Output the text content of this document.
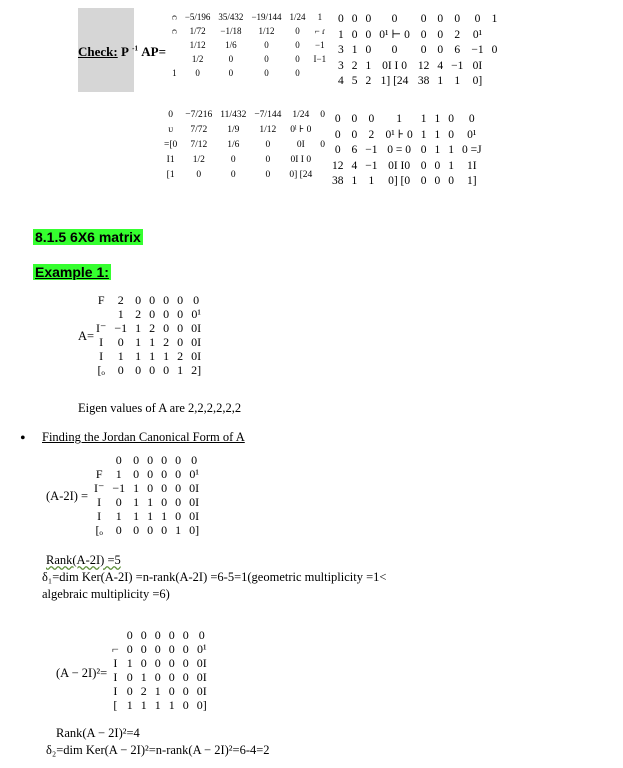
Check: P $^{-1}$ AP=
ᴒ	−5/196	35/432	−19/144	1/24	1
ᴒ	1/72	−1/18	1/12	0	⌐ ɾ
	1/12	1/6	0	0	−1
	1/2	0	0	0	I−1
1	0	0	0	0	
0	0	0	0	0	0	0	0	1
1	0	0	0¹ ⊢ 0	0	0	2	0¹	
3	1	0	0	0	0	6	−1	0
3	2	1	0I I 0	12	4	−1	0I	
4	5	2	1] [24	38	1	1	0]	
0	−7/216	11/432	−7/144	1/24	0
ᴜ	7/72	1/9	1/12	0ˡ ⊦ 0	
=[0	7/12	1/6	0	0I	0
I1	1/2	0	0	0I I 0	
[1	0	0	0	0] [24	
0	0	0	1	1	1	0	0
0	0	2	0¹ ⊦ 0	1	1	0	0¹
0	6	−1	0 = 0	0	1	1	0 =J
12	4	−1	0I I0	0	0	1	1I
38	1	1	0] [0	0	0	0	1]
8.1.5 6X6 matrix
Example 1:
A=
F	2	0	0	0	0	0
	1	2	0	0	0	0¹
I⁻	−1	1	2	0	0	0I
I	0	1	1	2	0	0I
I	1	1	1	1	2	0I
[ₒ	0	0	0	0	1	2]
Eigen values of A are 2,2,2,2,2,2
• Finding the Jordan Canonical Form of A
(A-2I) =
	0	0	0	0	0	0
F	1	0	0	0	0	0¹
I⁻	−1	1	0	0	0	0I
I	0	1	1	0	0	0I
I	1	1	1	1	0	0I
[ₒ	0	0	0	0	1	0]
Rank(A-2I) =5
δ₁=dim Ker(A-2I) =n-rank(A-2I) =6-5=1(geometric multiplicity =1<
algebraic multiplicity =6)
(A − 2I)²=
	0	0	0	0	0	0
⌐	0	0	0	0	0	0¹
I	1	0	0	0	0	0I
I	0	1	0	0	0	0I
I	0	2	1	0	0	0I
[	1	1	1	1	0	0]
Rank(A − 2I)²=4
δ₂=dim Ker(A − 2I)²=n-rank(A − 2I)²=6-4=2
